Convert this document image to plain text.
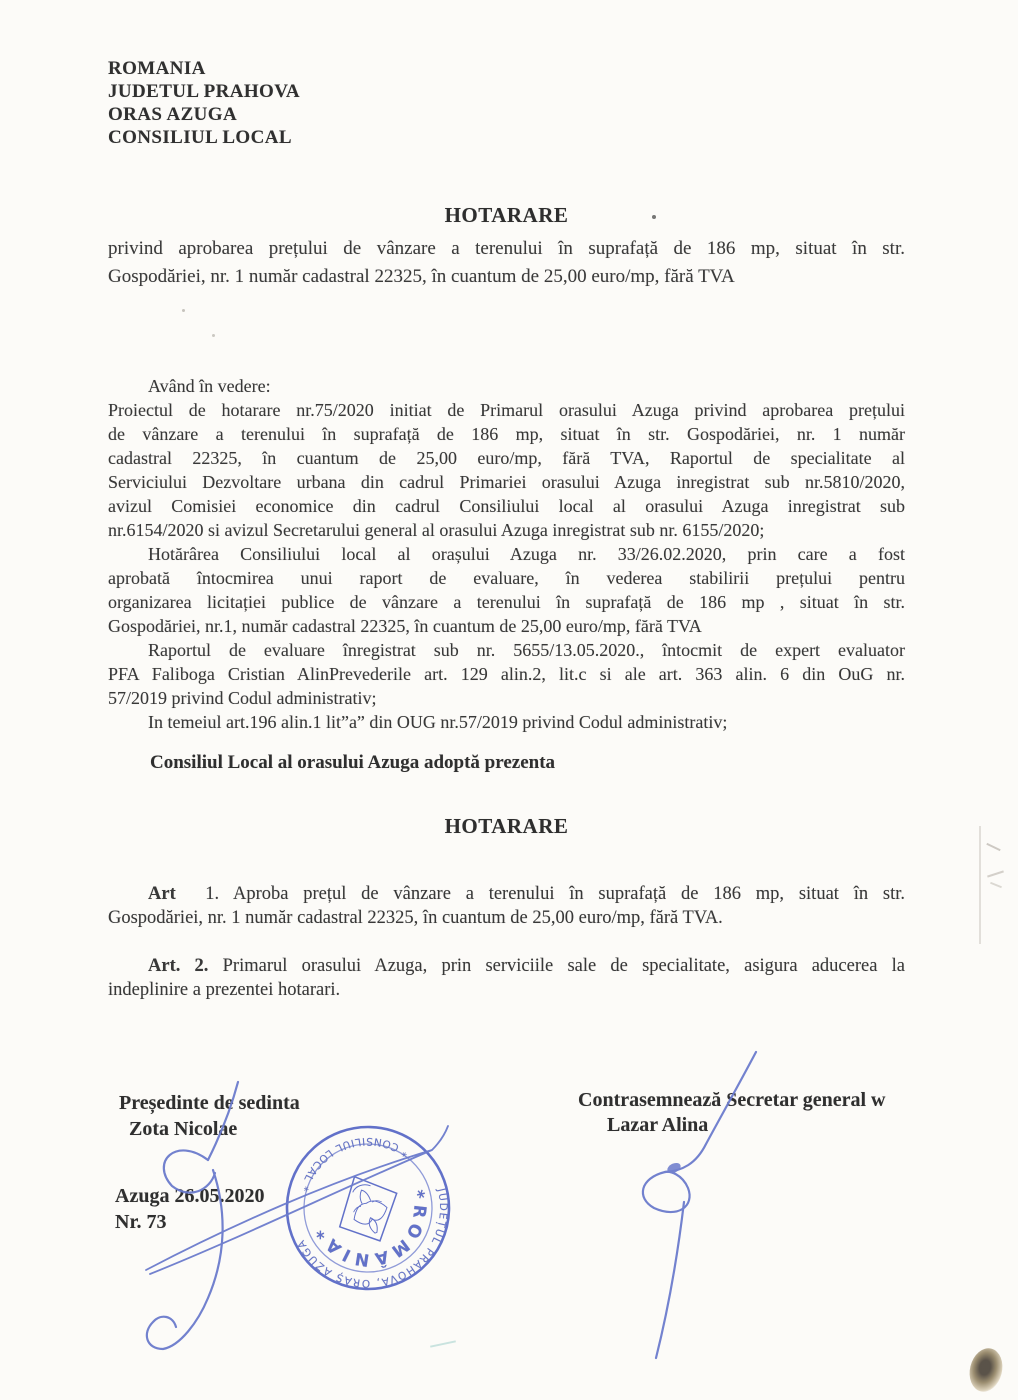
ROMANIA
JUDETUL PRAHOVA
ORAS AZUGA
CONSILIUL LOCAL
HOTARARE
privind aprobarea prețului de vânzare a terenului în suprafață de 186 mp, situat în str.
Gospodăriei, nr. 1 număr cadastral 22325, în cuantum de 25,00 euro/mp, fără TVA
Având în vedere:
Proiectul de hotarare nr.75/2020 initiat de Primarul orasului Azuga privind aprobarea prețului
de vânzare a terenului în suprafață de 186 mp, situat în str. Gospodăriei, nr. 1 număr
cadastral 22325, în cuantum de 25,00 euro/mp, fără TVA, Raportul de specialitate al
Serviciului Dezvoltare urbana din cadrul Primariei orasului Azuga inregistrat sub nr.5810/2020,
avizul Comisiei economice din cadrul Consiliului local al orasului Azuga inregistrat sub
nr.6154/2020 si avizul Secretarului general al orasului Azuga inregistrat sub nr. 6155/2020;
Hotărârea Consiliului local al orașului Azuga nr. 33/26.02.2020, prin care a fost
aprobată întocmirea unui raport de evaluare, în vederea stabilirii prețului pentru
organizarea licitației publice de vânzare a terenului în suprafață de 186 mp , situat în str.
Gospodăriei, nr.1, număr cadastral 22325, în cuantum de 25,00 euro/mp, fără TVA
Raportul de evaluare înregistrat sub nr. 5655/13.05.2020., întocmit de expert evaluator
PFA Faliboga Cristian AlinPrevederile art. 129 alin.2, lit.c si ale art. 363 alin. 6 din OuG nr.
57/2019 privind Codul administrativ;
In temeiul art.196 alin.1 lit”a” din OUG nr.57/2019 privind Codul administrativ;
Consiliul Local al orasului Azuga adoptă prezenta
HOTARARE
Art  1. Aproba prețul de vânzare a terenului în suprafață de 186 mp, situat în str.
Gospodăriei, nr. 1 număr cadastral 22325, în cuantum de 25,00 euro/mp, fără TVA.
Art. 2. Primarul orasului Azuga, prin serviciile sale de specialitate, asigura aducerea la
indeplinire a prezentei hotarari.
Președinte de sedinta
Zota Nicolae
Contrasemnează Secretar general w
Lazar Alina
Azuga 26.05.2020
Nr. 73
JUDEȚUL PRAHOVA, ORAȘ AZUGA
* CONSILIUL LOCAL *	*ROMÂNIA*
